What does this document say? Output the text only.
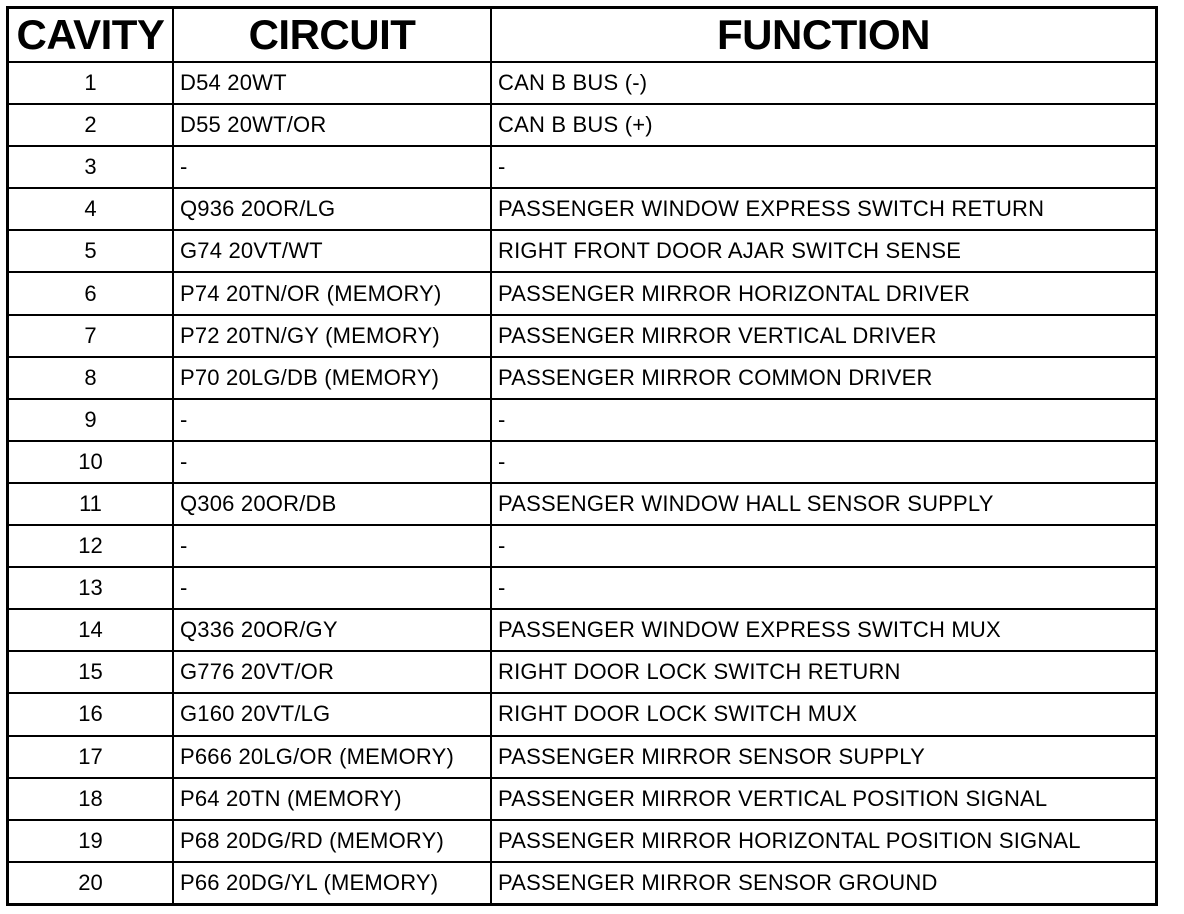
CAVITY	CIRCUIT	FUNCTION
1	D54 20WT	CAN B BUS (-)
2	D55 20WT/OR	CAN B BUS (+)
3	-	-
4	Q936 20OR/LG	PASSENGER WINDOW EXPRESS SWITCH RETURN
5	G74 20VT/WT	RIGHT FRONT DOOR AJAR SWITCH SENSE
6	P74 20TN/OR (MEMORY)	PASSENGER MIRROR HORIZONTAL DRIVER
7	P72 20TN/GY (MEMORY)	PASSENGER MIRROR VERTICAL DRIVER
8	P70 20LG/DB (MEMORY)	PASSENGER MIRROR COMMON DRIVER
9	-	-
10	-	-
11	Q306 20OR/DB	PASSENGER WINDOW HALL SENSOR SUPPLY
12	-	-
13	-	-
14	Q336 20OR/GY	PASSENGER WINDOW EXPRESS SWITCH MUX
15	G776 20VT/OR	RIGHT DOOR LOCK SWITCH RETURN
16	G160 20VT/LG	RIGHT DOOR LOCK SWITCH MUX
17	P666 20LG/OR (MEMORY)	PASSENGER MIRROR SENSOR SUPPLY
18	P64 20TN (MEMORY)	PASSENGER MIRROR VERTICAL POSITION SIGNAL
19	P68 20DG/RD (MEMORY)	PASSENGER MIRROR HORIZONTAL POSITION SIGNAL
20	P66 20DG/YL (MEMORY)	PASSENGER MIRROR SENSOR GROUND
